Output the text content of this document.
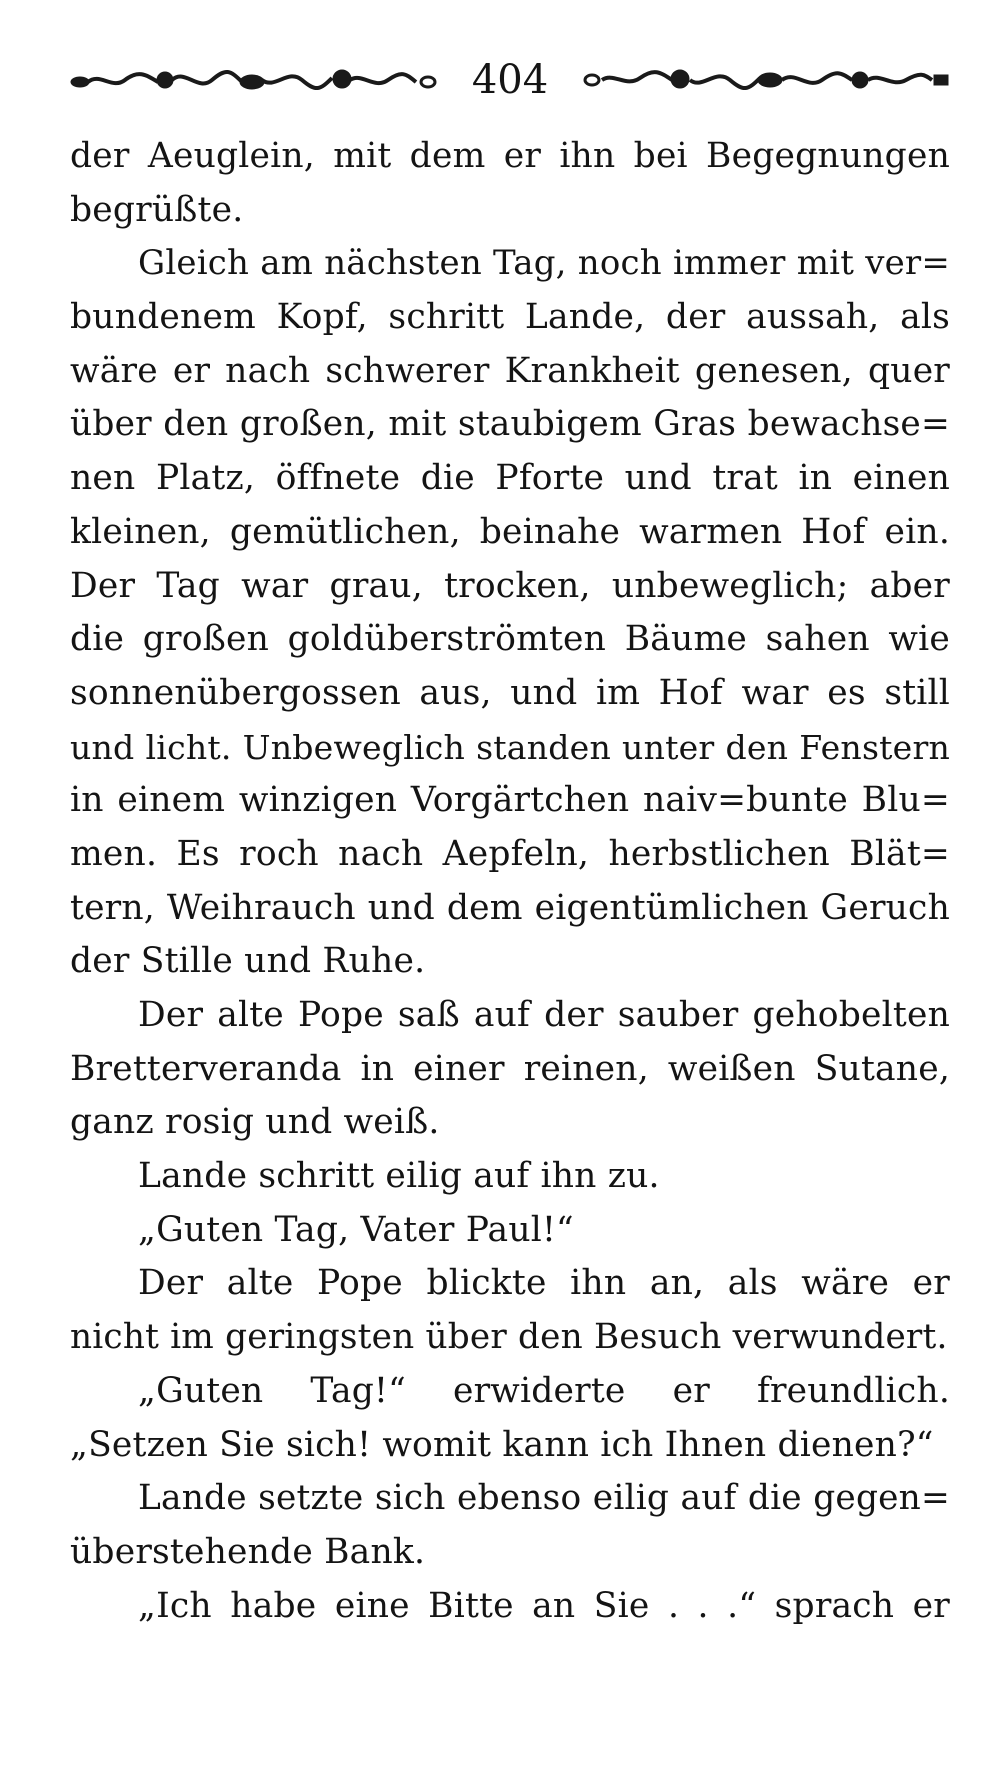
404
der Aeuglein, mit dem er ihn bei Begegnungen
begrüßte.
Gleich am nächsten Tag, noch immer mit ver=
bundenem Kopf, schritt Lande, der aussah, als
wäre er nach schwerer Krankheit genesen, quer
über den großen, mit staubigem Gras bewachse=
nen Platz, öffnete die Pforte und trat in einen
kleinen, gemütlichen, beinahe warmen Hof ein.
Der Tag war grau, trocken, unbeweglich; aber
die großen goldüberströmten Bäume sahen wie
sonnenübergossen aus, und im Hof war es still
und licht. Unbeweglich standen unter den Fenstern
in einem winzigen Vorgärtchen naiv=bunte Blu=
men. Es roch nach Aepfeln, herbstlichen Blät=
tern, Weihrauch und dem eigentümlichen Geruch
der Stille und Ruhe.
Der alte Pope saß auf der sauber gehobelten
Bretterveranda in einer reinen, weißen Sutane,
ganz rosig und weiß.
Lande schritt eilig auf ihn zu.
„Guten Tag, Vater Paul!“
Der alte Pope blickte ihn an, als wäre er
nicht im geringsten über den Besuch verwundert.
„Guten Tag!“ erwiderte er freundlich.
„Setzen Sie sich! womit kann ich Ihnen dienen?“
Lande setzte sich ebenso eilig auf die gegen=
überstehende Bank.
„Ich habe eine Bitte an Sie . . .“ sprach er
